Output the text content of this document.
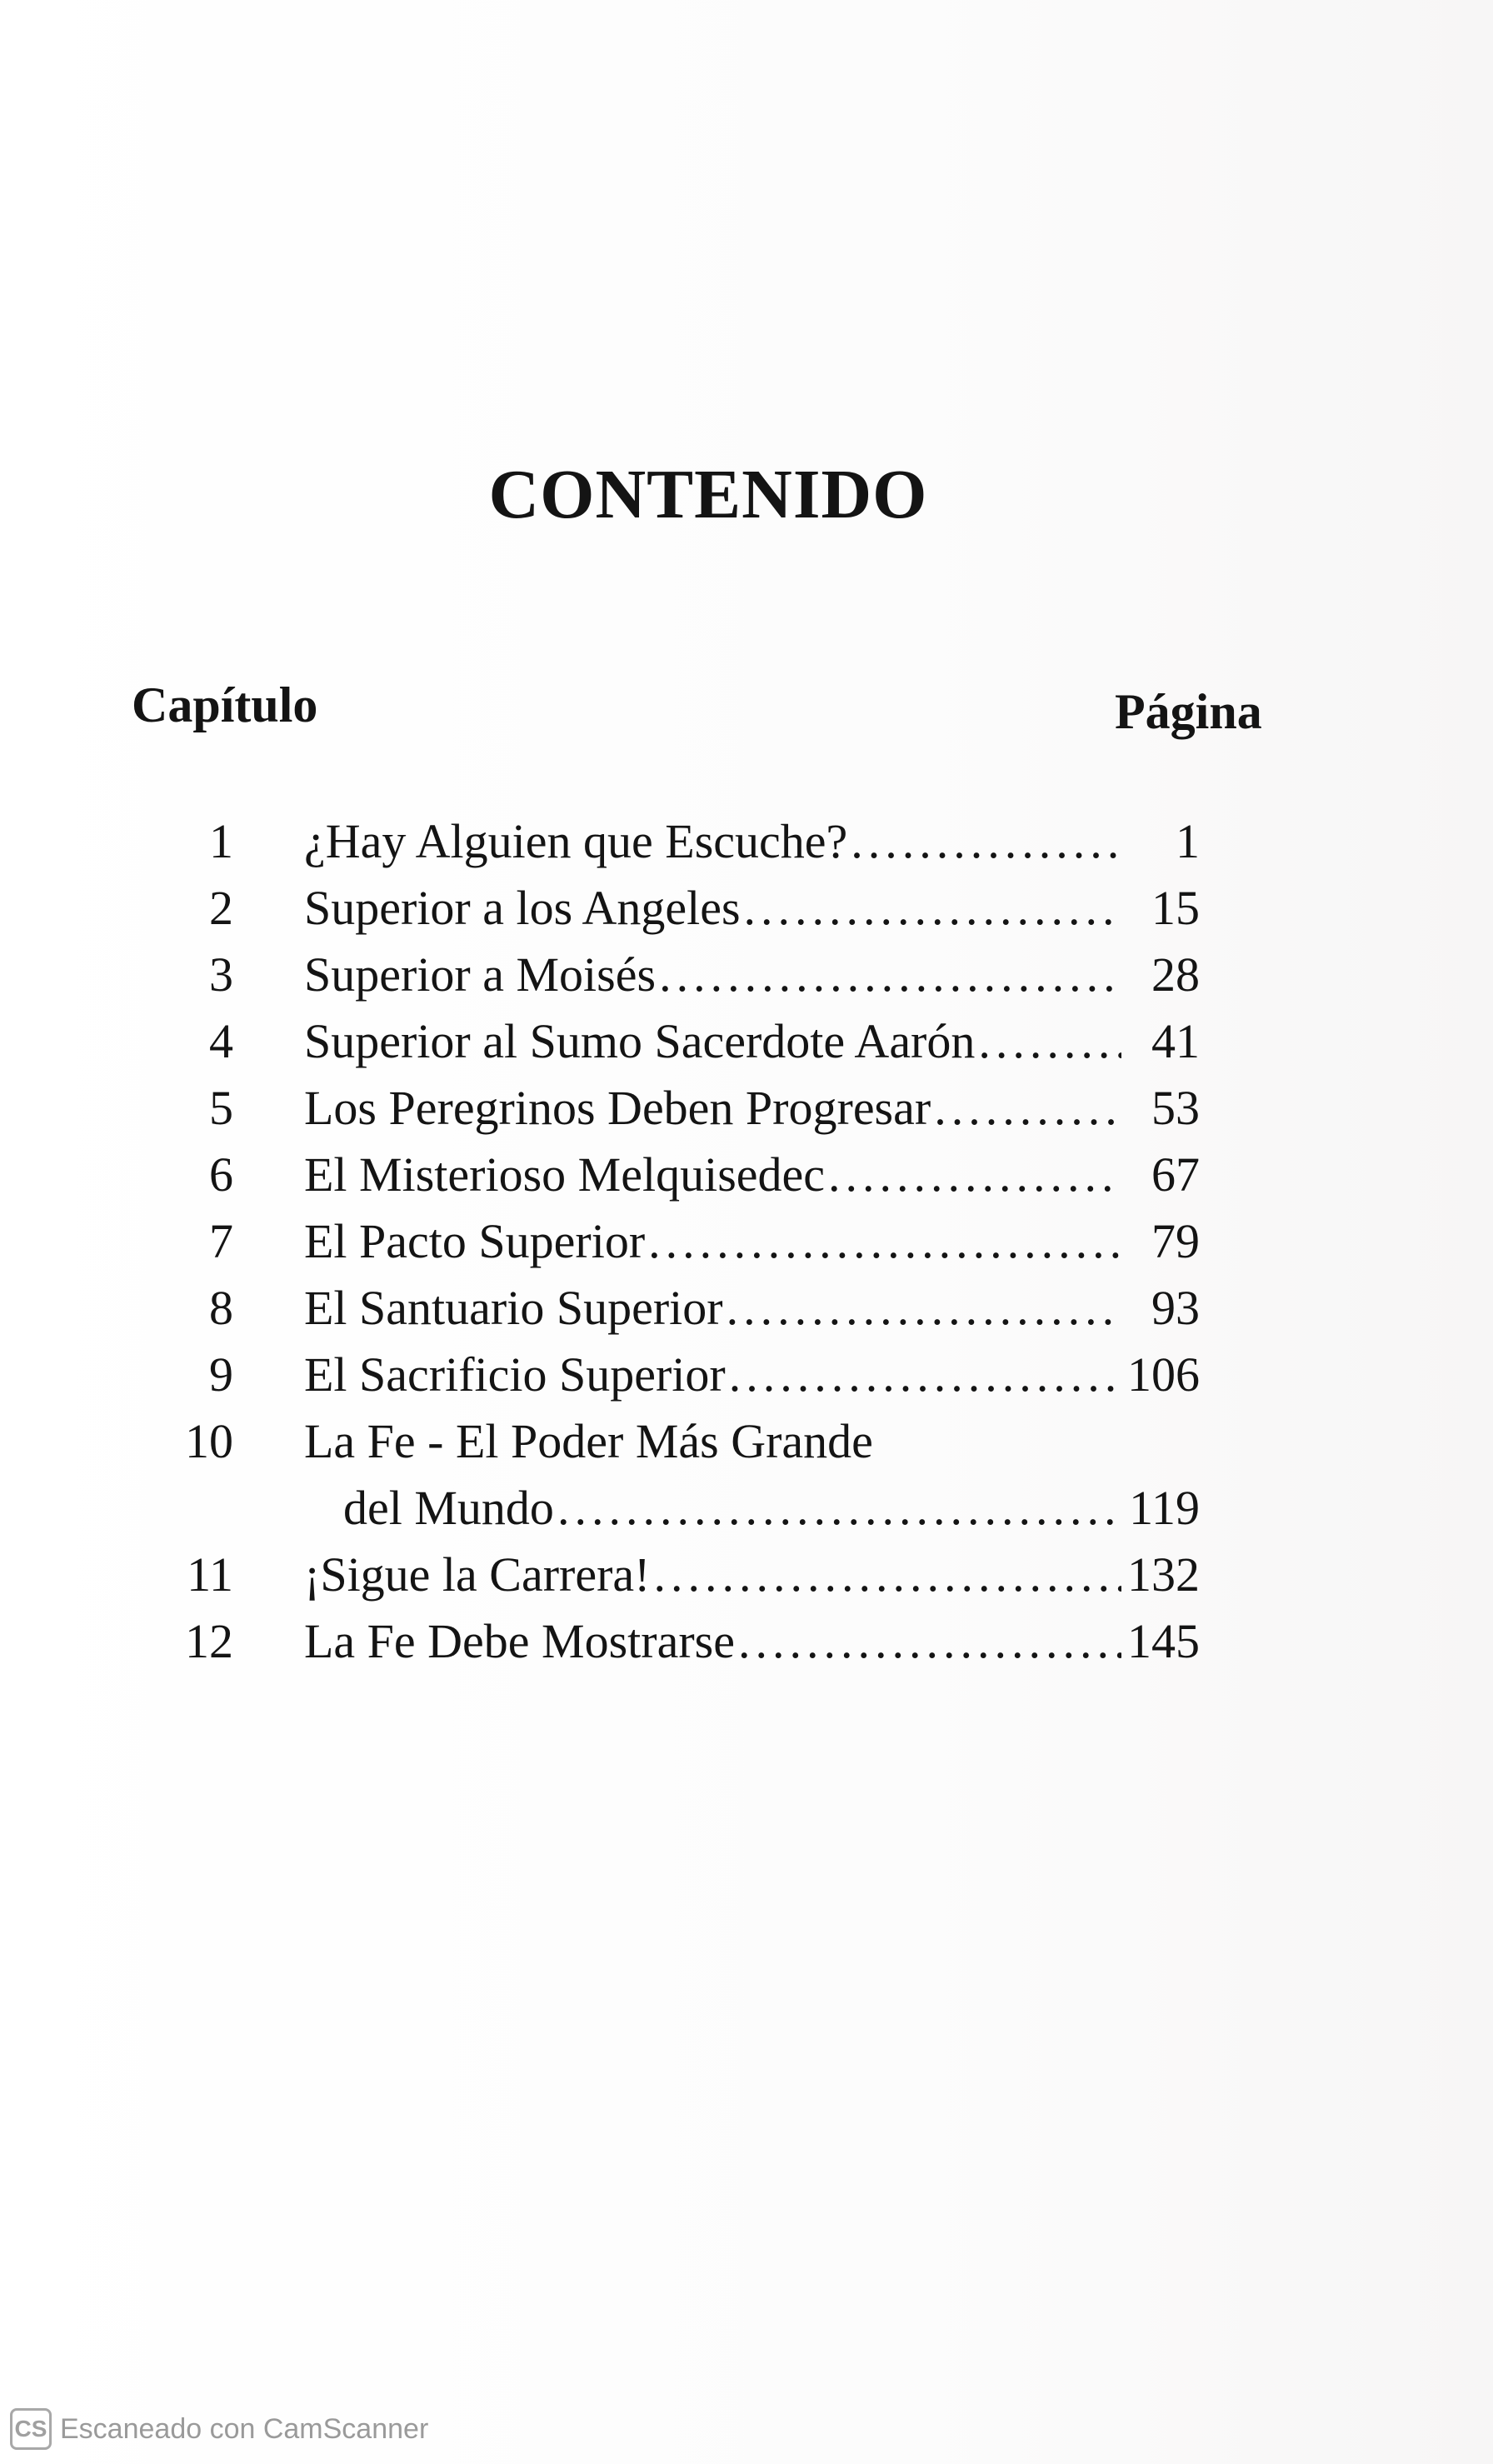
CONTENIDO
Capítulo	Página
1 ¿Hay Alguien que Escuche? .....	1
2 Superior a los Angeles .....	15
3 Superior a Moisés .....	28
4 Superior al Sumo Sacerdote Aarón .....	41
5 Los Peregrinos Deben Progresar .....	53
6 El Misterioso Melquisedec .....	67
7 El Pacto Superior .....	79
8 El Santuario Superior .....	93
9 El Sacrificio Superior .....	106
10 La Fe - El Poder Más Grande
del Mundo .....	119
11 ¡Sigue la Carrera! .....	132
12 La Fe Debe Mostrarse .....	145
CS Escaneado con CamScanner
